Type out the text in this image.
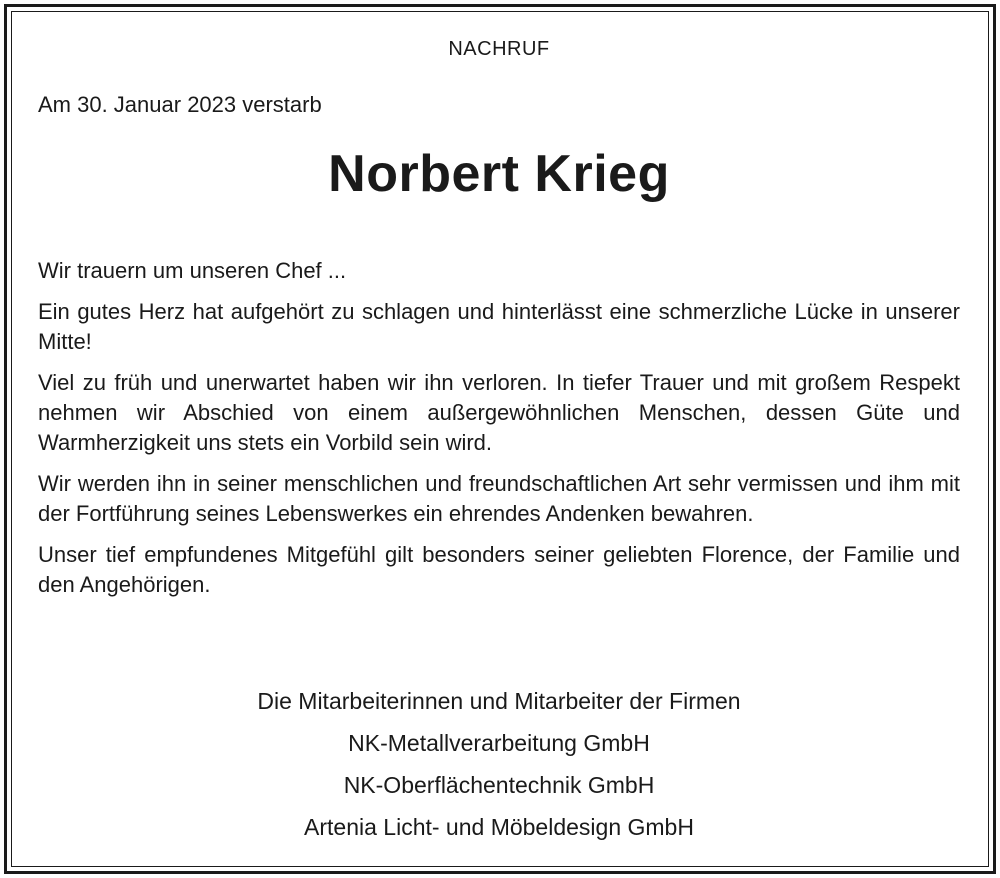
NACHRUF
Am 30. Januar 2023 verstarb
Norbert Krieg

Wir trauern um unseren Chef ...

Ein gutes Herz hat aufgehört zu schlagen und hinterlässt eine schmerzliche Lücke in unserer Mitte!

Viel zu früh und unerwartet haben wir ihn verloren. In tiefer Trauer und mit großem Respekt nehmen wir Abschied von einem außergewöhnlichen Menschen, dessen Güte und Warmherzigkeit uns stets ein Vorbild sein wird.

Wir werden ihn in seiner menschlichen und freundschaftlichen Art sehr vermissen und ihm mit der Fortführung seines Lebenswerkes ein ehrendes Andenken bewahren.

Unser tief empfundenes Mitgefühl gilt besonders seiner geliebten Florence, der Familie und den Angehörigen.

Die Mitarbeiterinnen und Mitarbeiter der Firmen
NK-Metallverarbeitung GmbH
NK-Oberflächentechnik GmbH
Artenia Licht- und Möbeldesign GmbH
